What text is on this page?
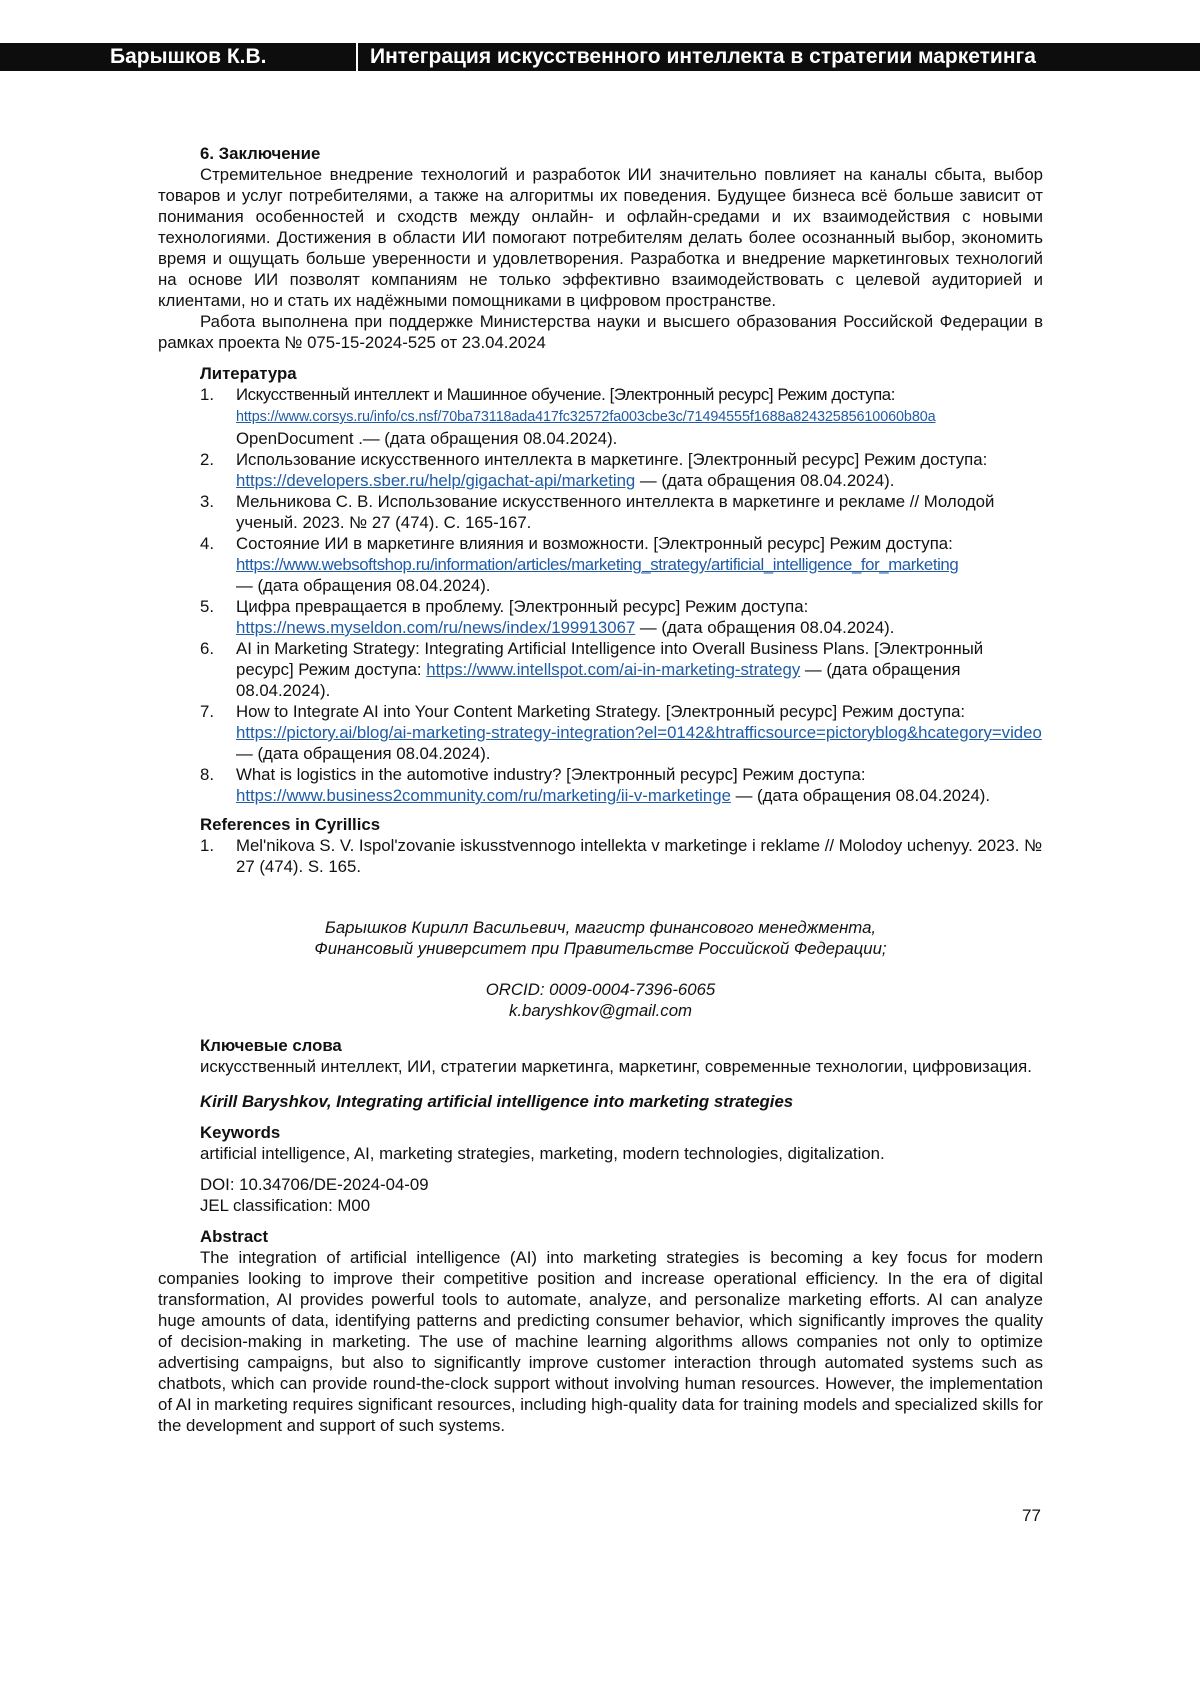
Барышков К.В.	Интеграция искусственного интеллекта в стратегии маркетинга
6. Заключение

Стремительное внедрение технологий и разработок ИИ значительно повлияет на каналы сбыта, выбор товаров и услуг потребителями, а также на алгоритмы их поведения. Будущее бизнеса всё больше зависит от понимания особенностей и сходств между онлайн- и офлайн-средами и их взаимодействия с новыми технологиями. Достижения в области ИИ помогают потребителям делать более осознанный выбор, экономить время и ощущать больше уверенности и удовлетворения. Разработка и внедрение маркетинговых технологий на основе ИИ позволят компаниям не только эффективно взаимодействовать с целевой аудиторией и клиентами, но и стать их надёжными помощниками в цифровом пространстве.

Работа выполнена при поддержке Министерства науки и высшего образования Российской Федерации в рамках проекта № 075-15-2024-525 от 23.04.2024

Литература
1. Искусственный интеллект и Машинное обучение. [Электронный ресурс] Режим доступа:
https://www.corsys.ru/info/cs.nsf/70ba73118ada417fc32572fa003cbe3c/71494555f1688a82432585610060b80a
OpenDocument .— (дата обращения 08.04.2024).
2. Использование искусственного интеллекта в маркетинге. [Электронный ресурс] Режим доступа:
https://developers.sber.ru/help/gigachat-api/marketing — (дата обращения 08.04.2024).
3. Мельникова С. В. Использование искусственного интеллекта в маркетинге и рекламе // Молодой ученый. 2023. № 27 (474). С. 165-167.
4. Состояние ИИ в маркетинге влияния и возможности. [Электронный ресурс] Режим доступа:
https://www.websoftshop.ru/information/articles/marketing_strategy/artificial_intelligence_for_marketing
— (дата обращения 08.04.2024).
5. Цифра превращается в проблему. [Электронный ресурс] Режим доступа:
https://news.myseldon.com/ru/news/index/199913067 — (дата обращения 08.04.2024).
6. AI in Marketing Strategy: Integrating Artificial Intelligence into Overall Business Plans. [Электронный ресурс] Режим доступа: https://www.intellspot.com/ai-in-marketing-strategy — (дата обращения 08.04.2024).
7. How to Integrate AI into Your Content Marketing Strategy. [Электронный ресурс] Режим доступа:
https://pictory.ai/blog/ai-marketing-strategy-integration?el=0142&htrafficsource=pictoryblog&hcategory=video — (дата обращения 08.04.2024).
8. What is logistics in the automotive industry? [Электронный ресурс] Режим доступа:
https://www.business2community.com/ru/marketing/ii-v-marketinge — (дата обращения 08.04.2024).
References in Cyrillics
1. Mel'nikova S. V. Ispol'zovanie iskusstvennogo intellekta v marketinge i reklame // Molodoy uchenyy. 2023. № 27 (474). S. 165.
Барышков Кирилл Васильевич, магистр финансового менеджмента,
Финансовый университет при Правительстве Российской Федерации;
ORCID: 0009-0004-7396-6065
k.baryshkov@gmail.com
Ключевые слова

искусственный интеллект, ИИ, стратегии маркетинга, маркетинг, современные технологии, цифровизация.

Kirill Baryshkov, Integrating artificial intelligence into marketing strategies
Keywords
artificial intelligence, AI, marketing strategies, marketing, modern technologies, digitalization.
DOI: 10.34706/DE-2024-04-09
JEL classification: M00
Abstract

The integration of artificial intelligence (AI) into marketing strategies is becoming a key focus for modern companies looking to improve their competitive position and increase operational efficiency. In the era of digital transformation, AI provides powerful tools to automate, analyze, and personalize marketing efforts. AI can analyze huge amounts of data, identifying patterns and predicting consumer behavior, which significantly improves the quality of decision-making in marketing. The use of machine learning algorithms allows companies not only to optimize advertising campaigns, but also to significantly improve customer interaction through automated systems such as chatbots, which can provide round-the-clock support without involving human resources. However, the implementation of AI in marketing requires significant resources, including high-quality data for training models and specialized skills for the development and support of such systems.

77
